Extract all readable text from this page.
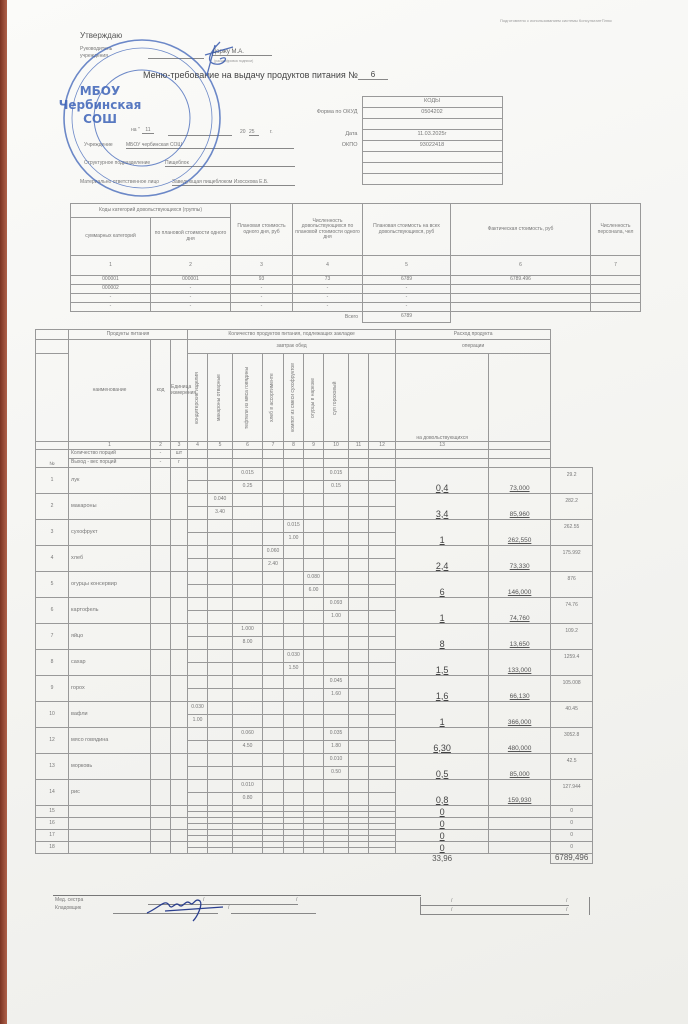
Подготовлено с использованием системы КонсультантПлюс
Утверждаю
Руководитель
учреждения
Доржу М.А.
(расшифровка подписи)
Меню-требование на выдачу продуктов питания №	6
на "	11	20 25	г.
Учреждение	МБОУ чербинская СОШ
Структурное подразделение	Пищеблок
Материально ответственное лицо	Заведующая пищеблоком Изосскова Е.Б.
	КОДЫ
Форма по ОКУД	0504202

Дата	11.03.2025г
ОКПО	93022418

Коды категорий довольствующихся (группы)		Плановая стоимость одного дня, руб	Численность довольствующихся по плановой стоимости одного дня	Плановая стоимость на всех довольствующихся, руб	Фактическая стоимость, руб	Численность персонала, чел
суммарных категорий	по плановой стоимости одного дня					
1	2	3	4	5	6	7
000001	000001	93	73	6789	6789.496	
000002	-	-	-	-		
-	-	-	-	-		
-	-	-	-	-		
			Всего	6789		
МБОУ
Чербинская
СОШ
	Продукты питания			Количество продуктов питания, подлежащих закладке									Расход продукта		
	наименование	код	Единица измерения	завтрак обед									операции		

				кондитерские изделия	макароны отварные	тефтели из мяса говядины	хлеб в ассортименте	компот из смеси сухофруктов	огурцы в нарезке	суп гороховый			на довольствующихся		
	1	2	3	4	5	6	7	8	9	10	11	12	13		
№	Количество порций	-	шт												
	Выход - вес порций	-	г												
1	лук					0.015				0.015			0,4	73,000	29.2
						0.25				0.15					
2	макароны				0.040								3,4	85,960	282.2
					3.40										
3	сухофрукт							0.015					1	262,550	262.55
								1.00							
4	хлеб						0.060						2,4	73,330	175.992
							2.40								
5	огурцы консервир								0.080				6	146,000	876
									6.00						
6	картофель									0.093			1	74,760	74.76
										1.00					
7	яйцо					1.000							8	13,650	109.2
						8.00									
8	сахар							0.030					1,5	133,000	1259.4
								1.50							
9	горох									0.045			1,6	66,130	105.008
										1.60					
10	вафли			0.030									1	366,000	40.45
				1.00											
12	мясо говядина					0.060				0.035			6,30	480,000	3052.8
						4.50				1.80					
13	морковь									0.010			0,5	85,000	42.5
										0.50					
14	рис					0.010							0,8	159,930	127.944
						0.80									
15													0		0

16													0		0

17													0		0

18													0		0

													33,96		6789,496
Мед. сестра
Кладовщик
/	/
/
/	/
/	/
